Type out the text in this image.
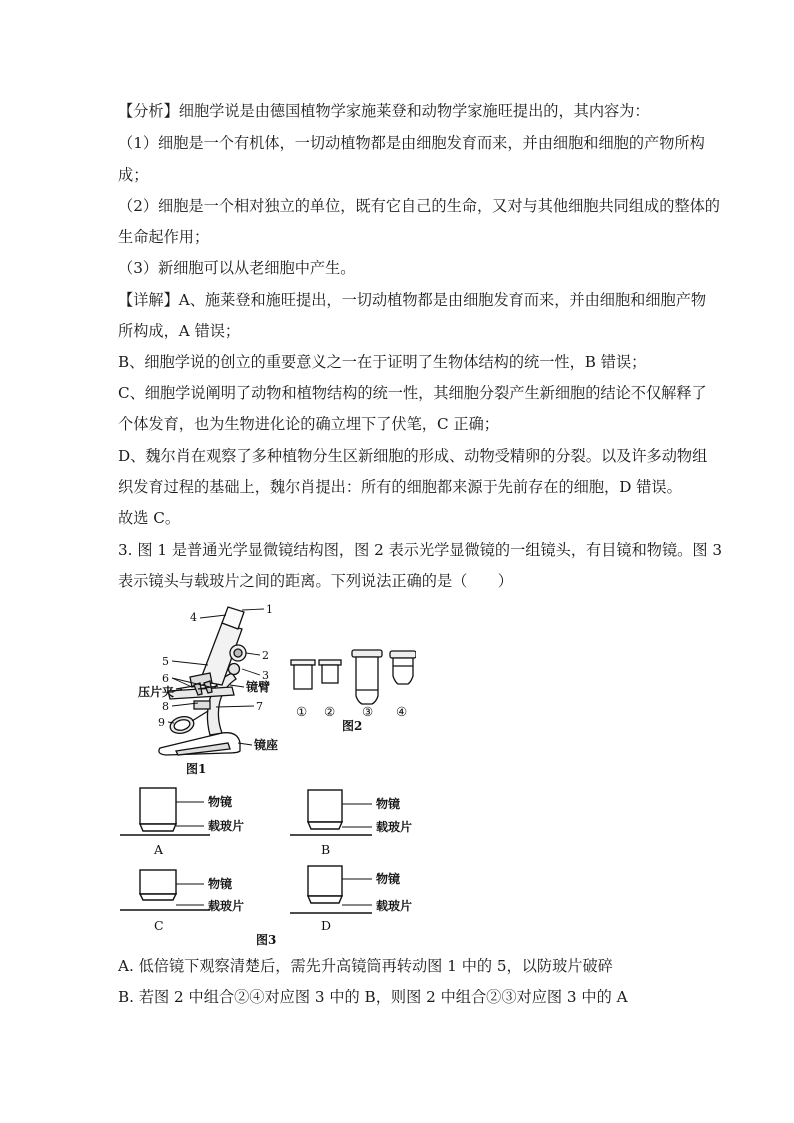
【分析】细胞学说是由德国植物学家施莱登和动物学家施旺提出的，其内容为：
（1）细胞是一个有机体，一切动植物都是由细胞发育而来，并由细胞和细胞的产物所构
成；
（2）细胞是一个相对独立的单位，既有它自己的生命，又对与其他细胞共同组成的整体的
生命起作用；
（3）新细胞可以从老细胞中产生。
【详解】A、施莱登和施旺提出，一切动植物都是由细胞发育而来，并由细胞和细胞产物
所构成，A 错误；
B、细胞学说的创立的重要意义之一在于证明了生物体结构的统一性，B 错误；
C、细胞学说阐明了动物和植物结构的统一性，其细胞分裂产生新细胞的结论不仅解释了
个体发育，也为生物进化论的确立埋下了伏笔，C 正确；
D、魏尔肖在观察了多种植物分生区新细胞的形成、动物受精卵的分裂。以及许多动物组
织发育过程的基础上，魏尔肖提出：所有的细胞都来源于先前存在的细胞，D 错误。
故选 C。
3. 图 1 是普通光学显微镜结构图，图 2 表示光学显微镜的一组镜头，有目镜和物镜。图 3
表示镜头与载玻片之间的距离。下列说法正确的是（　　）
1
4
2
3
5
6
压片夹	镜臂
8	7
9
镜座
图1
① ② ③ ④
图2
物镜
载玻片
物镜
载玻片
物镜
载玻片
物镜
载玻片
A	B
C	D
图3
A. 低倍镜下观察清楚后，需先升高镜筒再转动图 1 中的 5，以防玻片破碎
B. 若图 2 中组合②④对应图 3 中的 B，则图 2 中组合②③对应图 3 中的 A
